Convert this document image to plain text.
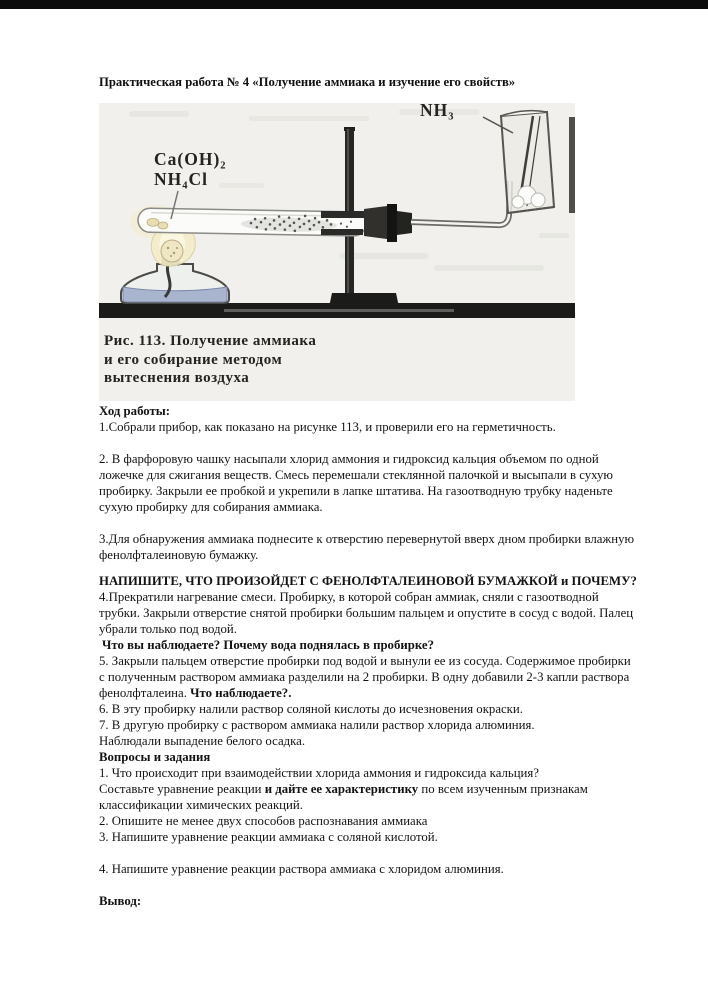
Практическая работа № 4 «Получение аммиака и изучение его свойств»
Ca(OH)₂
NH₄Cl
NH₃
Рис. 113. Получение аммиака
и его собирание методом
вытеснения воздуха

Ход работы:

1.Собрали прибор, как показано на рисунке 113, и проверили его на герметичность.

2. В фарфоровую чашку насыпали хлорид аммония и гидроксид кальция объемом по одной ложечке для сжигания веществ. Смесь перемешали стеклянной палочкой и высыпали в сухую пробирку. Закрыли ее пробкой и укрепили в лапке штатива. На газоотводную трубку наденьте сухую пробирку для собирания аммиака.

3.Для обнаружения аммиака поднесите к отверстию перевернутой вверх дном пробирки влажную фенолфталеиновую бумажку.

НАПИШИТЕ, ЧТО ПРОИЗОЙДЕТ С ФЕНОЛФТАЛЕИНОВОЙ БУМАЖКОЙ и ПОЧЕМУ?

4.Прекратили нагревание смеси. Пробирку, в которой собран аммиак, сняли с газоотводной трубки. Закрыли отверстие снятой пробирки большим пальцем и опустите в сосуд с водой. Палец убрали только под водой.

Что вы наблюдаете? Почему вода поднялась в пробирке?

5. Закрыли пальцем отверстие пробирки под водой и вынули ее из сосуда. Содержимое пробирки с полученным раствором аммиака разделили на 2 пробирки. В одну добавили 2-3 капли раствора фенолфталеина. Что наблюдаете?.

6. В эту пробирку налили раствор соляной кислоты до исчезновения окраски.

7. В другую пробирку с раствором аммиака налили раствор хлорида алюминия.

Наблюдали выпадение белого осадка.

Вопросы и задания

1. Что происходит при взаимодействии хлорида аммония и гидроксида кальция?

Составьте уравнение реакции и дайте ее характеристику по всем изученным признакам классификации химических реакций.

2. Опишите не менее двух способов распознавания аммиака

3. Напишите уравнение реакции аммиака с соляной кислотой.

4. Напишите уравнение реакции раствора аммиака с хлоридом алюминия.

Вывод:
